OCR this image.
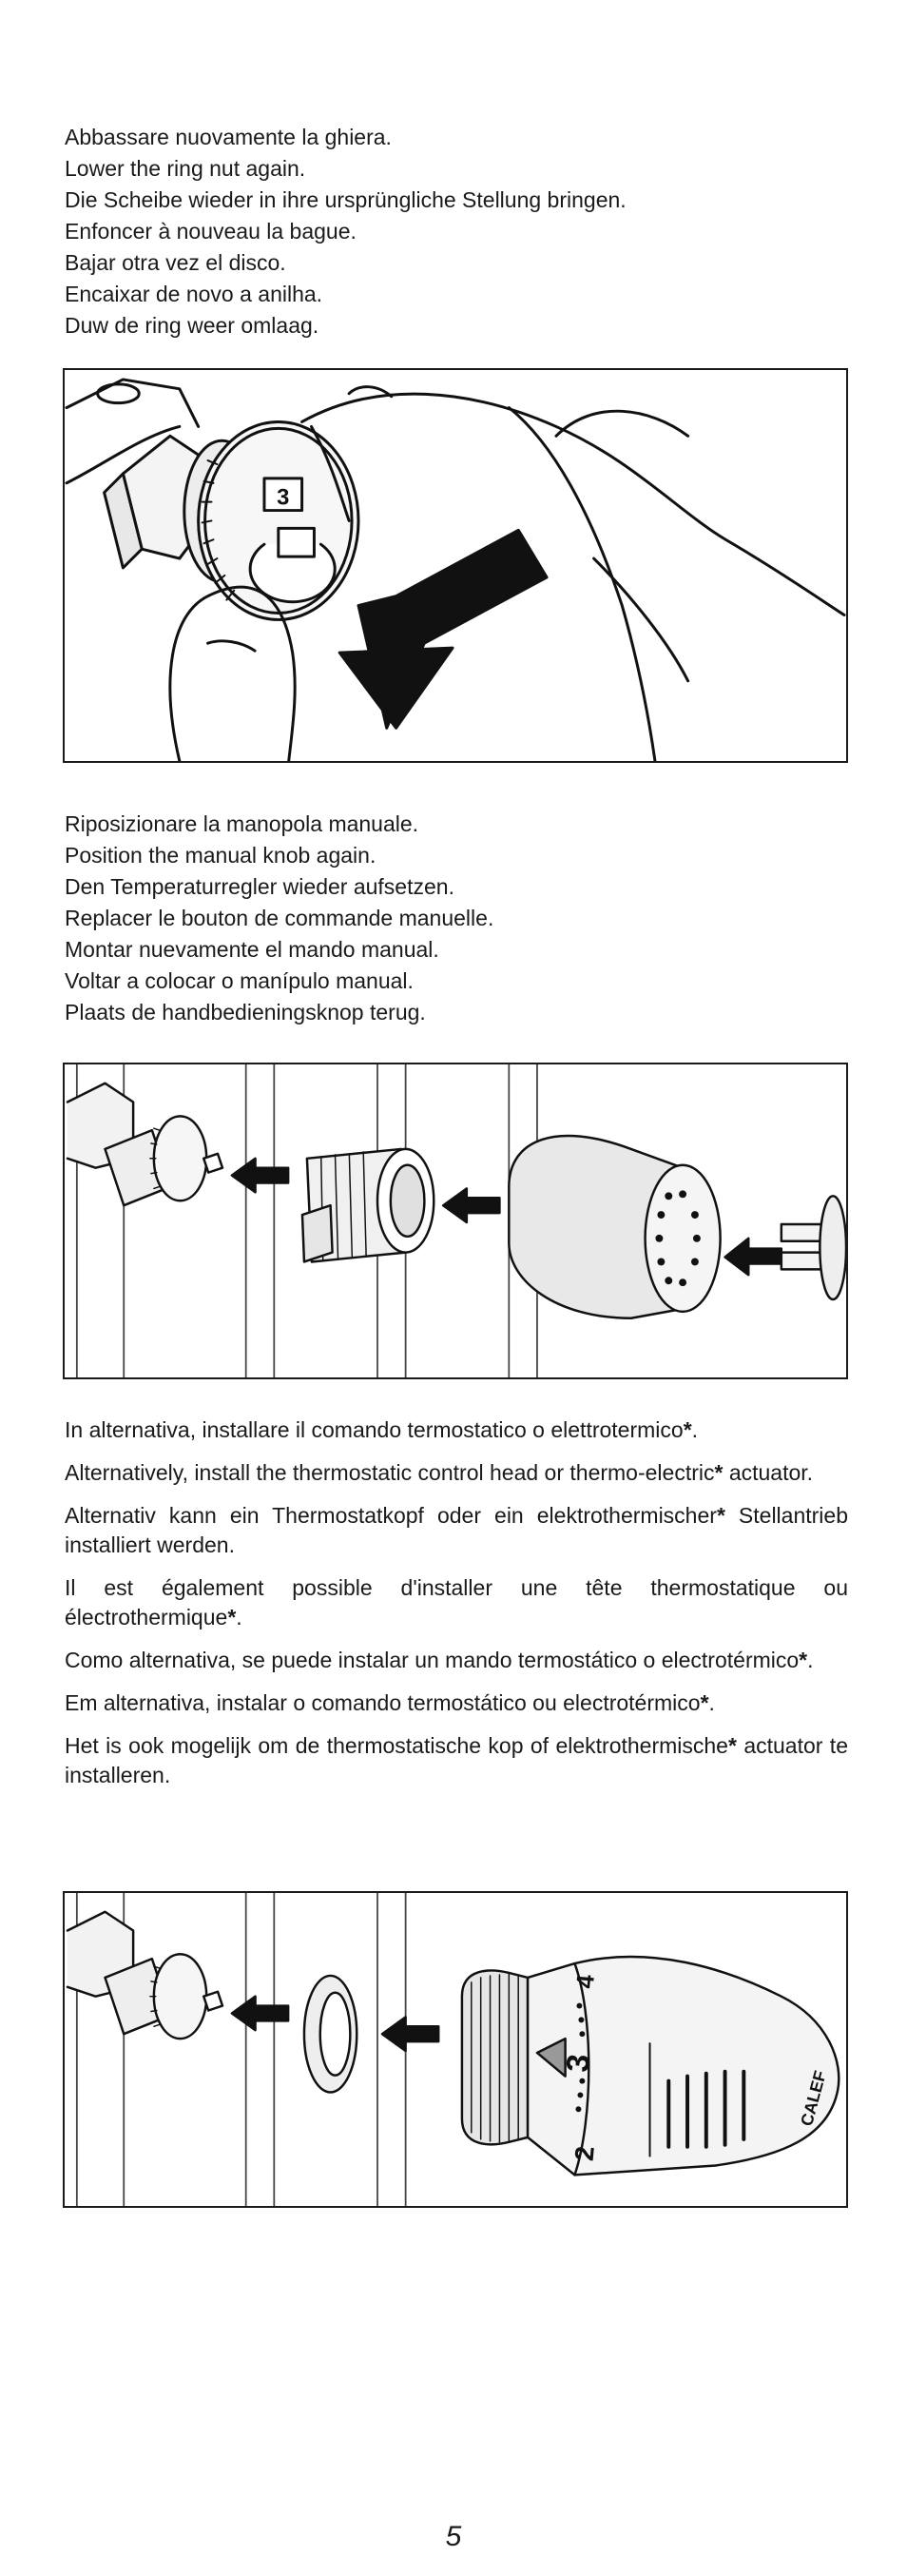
Abbassare nuovamente la ghiera.
Lower the ring nut again.
Die Scheibe wieder in ihre ursprüngliche Stellung bringen.
Enfoncer à nouveau la bague.
Bajar otra vez el disco.
Encaixar de novo a anilha.
Duw de ring weer omlaag.
3
Riposizionare la manopola manuale.
Position the manual knob again.
Den Temperaturregler wieder aufsetzen.
Replacer le bouton de commande manuelle.
Montar nuevamente el mando manual.
Voltar a colocar o manípulo manual.
Plaats de handbedieningsknop terug.

In alternativa, installare il comando termostatico o elettrotermico*.

Alternatively, install the thermostatic control head or thermo-electric* actuator.

Alternativ kann ein Thermostatkopf oder ein elektrothermischer* Stellantrieb installiert werden.

Il est également possible d'installer une tête thermostatique ou électrothermique*.

Como alternativa, se puede instalar un mando termostático o electrotérmico*.

Em alternativa, instalar o comando termostático ou electrotérmico*.

Het is ook mogelijk om de thermostatische kop of elektrothermische* actuator te installeren.

2
3
4
CALEF
5
